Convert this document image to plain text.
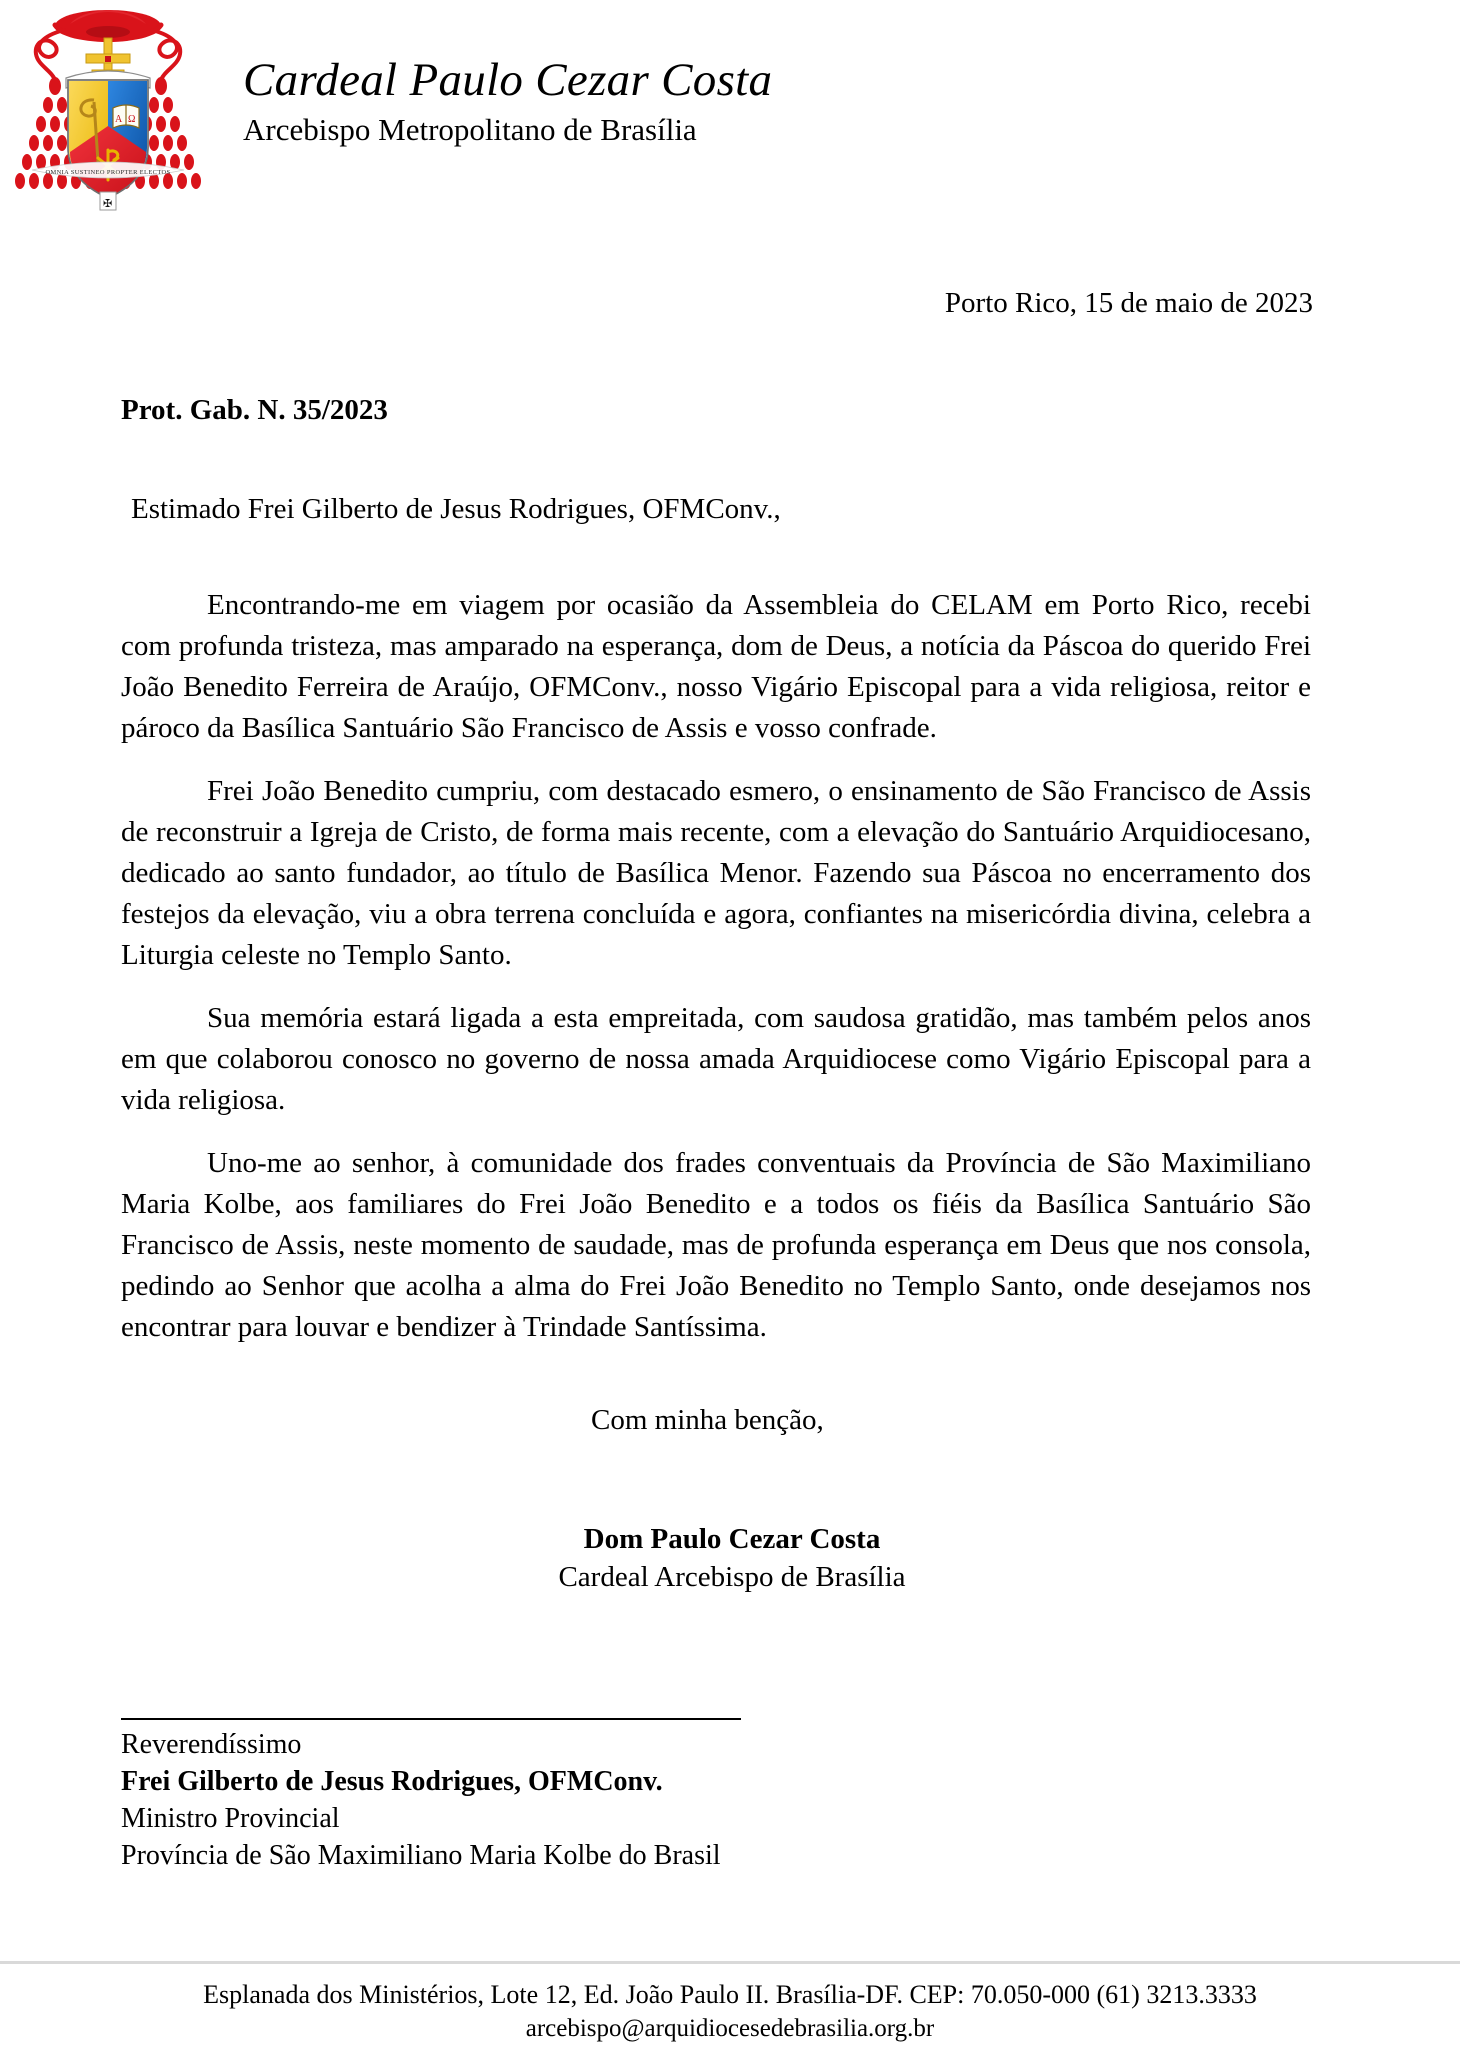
A Ω
✠
OMNIA SUSTINEO PROPTER ELECTOS
Cardeal Paulo Cezar Costa
Arcebispo Metropolitano de Brasília
Porto Rico, 15 de maio de 2023
Prot. Gab. N. 35/2023
Estimado Frei Gilberto de Jesus Rodrigues, OFMConv.,

Encontrando-me em viagem por ocasião da Assembleia do CELAM em Porto Rico, recebi com profunda tristeza, mas amparado na esperança, dom de Deus, a notícia da Páscoa do querido Frei João Benedito Ferreira de Araújo, OFMConv., nosso Vigário Episcopal para a vida religiosa, reitor e pároco da Basílica Santuário São Francisco de Assis e vosso confrade.

Frei João Benedito cumpriu, com destacado esmero, o ensinamento de São Francisco de Assis de reconstruir a Igreja de Cristo, de forma mais recente, com a elevação do Santuário Arquidiocesano, dedicado ao santo fundador, ao título de Basílica Menor. Fazendo sua Páscoa no encerramento dos festejos da elevação, viu a obra terrena concluída e agora, confiantes na misericórdia divina, celebra a Liturgia celeste no Templo Santo.

Sua memória estará ligada a esta empreitada, com saudosa gratidão, mas também pelos anos em que colaborou conosco no governo de nossa amada Arquidiocese como Vigário Episcopal para a vida religiosa.

Uno-me ao senhor, à comunidade dos frades conventuais da Província de São Maximiliano Maria Kolbe, aos familiares do Frei João Benedito e a todos os fiéis da Basílica Santuário São Francisco de Assis, neste momento de saudade, mas de profunda esperança em Deus que nos consola, pedindo ao Senhor que acolha a alma do Frei João Benedito no Templo Santo, onde desejamos nos encontrar para louvar e bendizer à Trindade Santíssima.

Com minha benção,
Dom Paulo Cezar Costa
Cardeal Arcebispo de Brasília
Reverendíssimo
Frei Gilberto de Jesus Rodrigues, OFMConv.
Ministro Provincial
Província de São Maximiliano Maria Kolbe do Brasil
Esplanada dos Ministérios, Lote 12, Ed. João Paulo II. Brasília-DF. CEP: 70.050-000 (61) 3213.3333
arcebispo@arquidiocesedebrasilia.org.br
